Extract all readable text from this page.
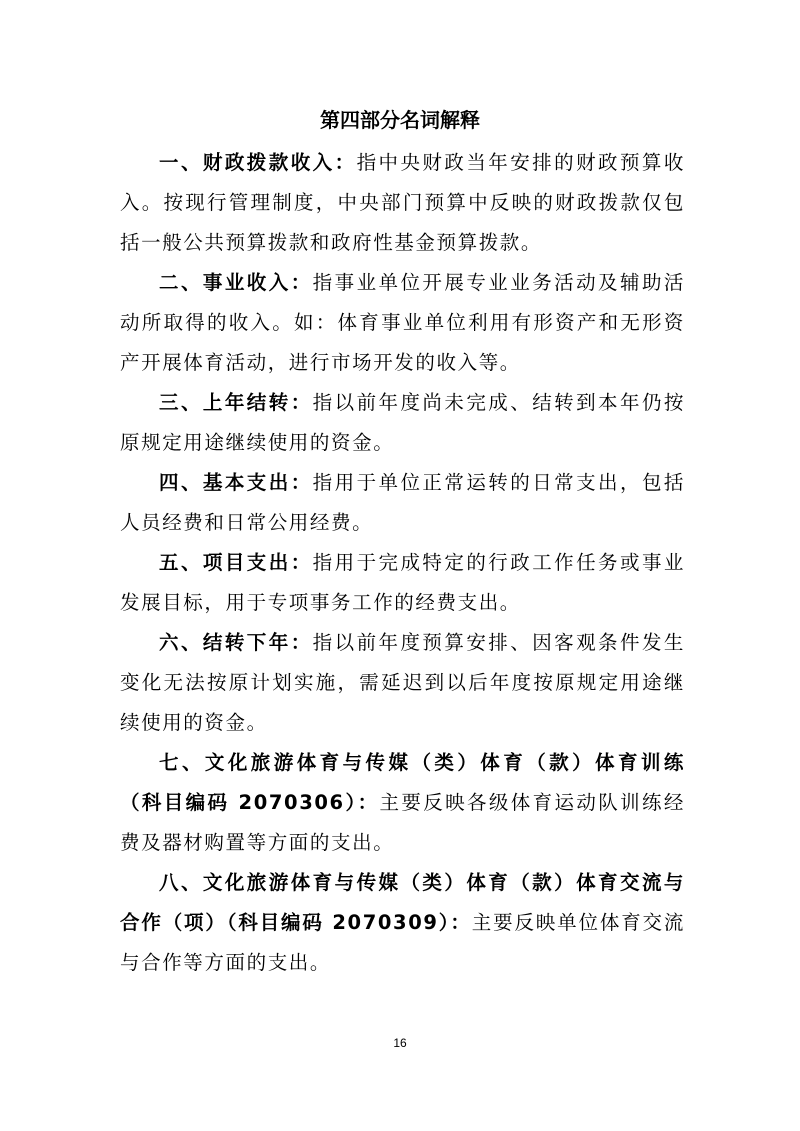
第四部分名词解释

一、财政拨款收入：指中央财政当年安排的财政预算收入。按现行管理制度，中央部门预算中反映的财政拨款仅包括一般公共预算拨款和政府性基金预算拨款。

二、事业收入：指事业单位开展专业业务活动及辅助活动所取得的收入。如：体育事业单位利用有形资产和无形资产开展体育活动，进行市场开发的收入等。

三、上年结转：指以前年度尚未完成、结转到本年仍按原规定用途继续使用的资金。

四、基本支出：指用于单位正常运转的日常支出，包括人员经费和日常公用经费。

五、项目支出：指用于完成特定的行政工作任务或事业发展目标，用于专项事务工作的经费支出。

六、结转下年：指以前年度预算安排、因客观条件发生变化无法按原计划实施，需延迟到以后年度按原规定用途继续使用的资金。

七、文化旅游体育与传媒（类）体育（款）体育训练（科目编码 2070306）：主要反映各级体育运动队训练经费及器材购置等方面的支出。

八、文化旅游体育与传媒（类）体育（款）体育交流与合作（项）（科目编码 2070309）：主要反映单位体育交流与合作等方面的支出。

16
